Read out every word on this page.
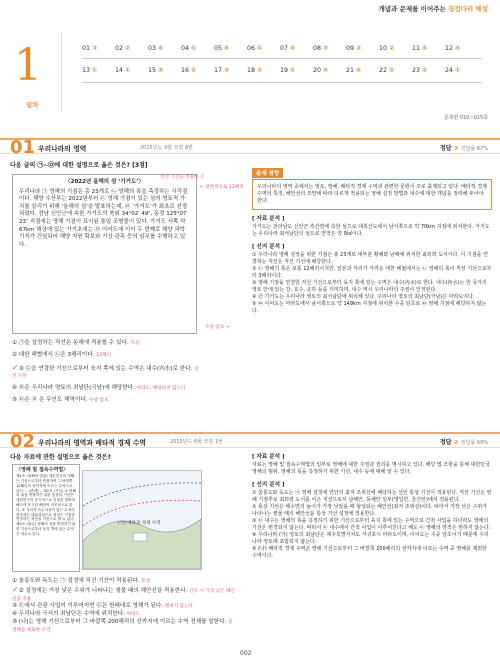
개념과 문제를 이어주는 징검다리 해설
1
일차
01 ③	02 ②	03 ④	04 ⑤	05 ④	06 ⑤	07 ④	08 ③	09 ③	10 ②	11 ④	12 ④
13 ①	14 ①	15 ③	16 ⑤	17 ③	18 ②	19 ⑤	20 ④	21 ④	22 ②	23 ②	24 ①
문제편 010~015쪽
01 우리나라의 영역	2015년도 9월 모평 8번	정답 ③ 정답률 67%
다음 글의 ㉠~㉤에 대한 설명으로 옳은 것은? [3점]
〈2022년 올해의 섬 ‘가거도’〉
우리나라 ㉠ 영해의 기점은 총 23개로 ㉡ 영해의 폭을 측정하는 시작점이다. 해양 수산부는 2022년부터 ㉢ 영해 기점이 있는 섬의 영토적 가치를 알리기 위해 ‘올해의 섬’을 발표하는데, ㉣ ‘가거도’가 최초로 선정되었다. 전남 신안군에 속한 가거도의 북위 34°02′ 49″, 동경 125°07′ 23″ 지점에는 영해 기점이 표시된 통일 조형물이 있다. 가거도 서쪽 약 67km 해상에 있는 가거초에는 ㉤ 이어도에 이어 두 번째로 해양 과학 기지가 건설되어 해양 자원 확보와 기상 관측 등의 임무를 수행하고 있다.
← 일반적으로 12해리
수중 암초 →
직선 기선을 적용한 곳
① ㉠을 설정하는 직선은 동해에 적용할 수 있다. 직선
② 대한 해협에서 ㉡은 3해리이다. 12해리
✓③ ㉢을 연결한 기선으로부터 육지 쪽에 있는 수역은 내수(內水)로 한다. 직선 기선
④ ㉣은 우리나라 영토의 최남단(극남)에 해당한다. 마라도, 해당하지 않는다
⑤ ㉤은 ㉣ 은 무인도 해역이다. 수중 암초
출제 경향
우리나라의 영역 중에서는 영토, 영해, 배타적 경제 수역과 관련한 문항이 주로 출제되고 있다. 배타적 경제 수역의 특징, 해안선의 모양에 따라 다르게 적용되는 영해 설정 방법과 내수에 대한 개념을 정리해 두어야 한다.
[ 자료 분석 ]
가거도는 전라남도 신안군 흑산면에 속한 섬으로 대흑산도에서 남서쪽으로 약 70km 지점에 위치한다. 가거도는 우리나라 최서남단의 섬으로 면적은 약 9㎢이다.
[ 선지 분석 ]
① 우리나라 영해 설정을 위한 기점은 총 23개로 대부분 황해와 남해에 위치한 최외곽 도서이다. 이 기점을 연결하는 직선은 직선 기선에 해당한다.
② ㉡ 영해의 폭은 보통 12해리이지만, 일본과 거리가 가까운 대한 해협에서는 ㉡ 영해의 폭이 직선 기선으로부터 3해리이다.
③ 영해 기점을 연결한 직선 기선으로부터 육지 쪽에 있는 수역은 내수(內水)로 한다. 내수(內水)는 한 국가의 영토 안에 있는 강, 호수, 운하 등을 의미하며, 내수 역시 우리나라의 주권이 인정된다.
④ ㉣ 가거도는 우리나라 영토의 최서남단에 위치해 있다. 우리나라 영토의 최남단(극남)은 마라도이다.
⑤ ㉤ 이어도는 마라도에서 남서쪽으로 약 149km 지점에 위치한 수중 암초로 ㉤ 영해 기점에 해당하지 않는다.
02 우리나라의 영역과 배타적 경제 수역	2015년도 6월 모평 1번	정답 ② 정답률 69%
다음 자료에 관한 설명으로 옳은 것은?
〈영해 및 접속수역법〉
제1조 (영해의 범위) 대한민국의 영해는 기선으로부터 측정하여 그 바깥쪽 12해리의 선까지에 이르는 수역으로 한다. …(중략)… 제2조 (기선) ① 영해의 폭을 측정하기 위한 통상의 기선은 대한민국이 공식적으로 인정한 대축척 해도에 표시된 해안의 저조선으로 한다. ② 지리적 특수사정이 있는 수역의 경우에는 대통령령으로 정하는 기점을 연결하는 직선을 기선으로 할 수 있다. 제3조 (내수) 영해의 폭을 측정하기 위한 기선으로부터 육지 쪽에 있는 수역은 내수로 한다.
(가) 배타적 경제 수역
① 울릉도와 독도는 ㉠ 설정에 직선 기선이 적용된다. 통상
✓② 설정에는 가장 낮은 수위가 나타나는 썰물 때의 해안선을 적용한다. 간조 시 가장 낮은 해안선을 적용
③ ㉢에서 관광 사업이 이루어지면 ㉢은 원래대로 영해가 된다. 변하지 않는다
④ 우리나라 극서의 최남단은 수역에 위치한다. 마라도
⑤ (나)는 영해 기선으로부터 그 바깥쪽 200해리의 선까지에 이르는 수역 전체를 말한다. 중 영해를 제외한 수역
[ 자료 분석 ]
자료는 영해 및 접속수역법의 일부로 영해에 대한 주권과 권리를 명시하고 있다. 해당 법 조항을 통해 대한민국 영해의 범위, 영해의 폭을 측정하기 위한 기선, 내수 등에 대해 알 수 있다.
[ 선지 분석 ]
① 울릉도와 독도는 ㉠ 영해 설정에 연안의 최저 조위선에 해당하는 선인 통상 기선이 적용된다. 직선 기선은 영해 기점추로 최외곽 도서를 이은 직선으로서 남해안, 동해안 일부(영일만, 울산만)에서 적용된다.
② 통상 기선은 해수면의 높이가 가장 낮았을 때 형성되는 해안선(최저 조위선)이다. 따라서 가장 낮은 수위가 나타나는 썰물 때의 해안선을 통상 기선 설정에 적용한다.
③ ㉢ 내수는 영해의 폭을 측정하기 위한 기선으로부터 육지 쪽에 있는 수역으로 간척 사업을 하더라도 영해의 기선은 변경되지 않는다. 따라서 ㉢ 내수에서 간척 사업이 이루어진다고 해도 ㉢ 영해의 면적은 변하지 않는다.
④ 우리나라 (가) 영토의 최남단은 제주특별자치도 서귀포시 마라도이며, 이어도는 수중 암초이기 때문에 우리나라 영토에 포함되지 않는다.
⑤ (나) 배타적 경제 수역은 영해 기선으로부터 그 바깥쪽 200해리의 선까지에 이르는 수역 중 영해를 제외한 수역이다.
002
